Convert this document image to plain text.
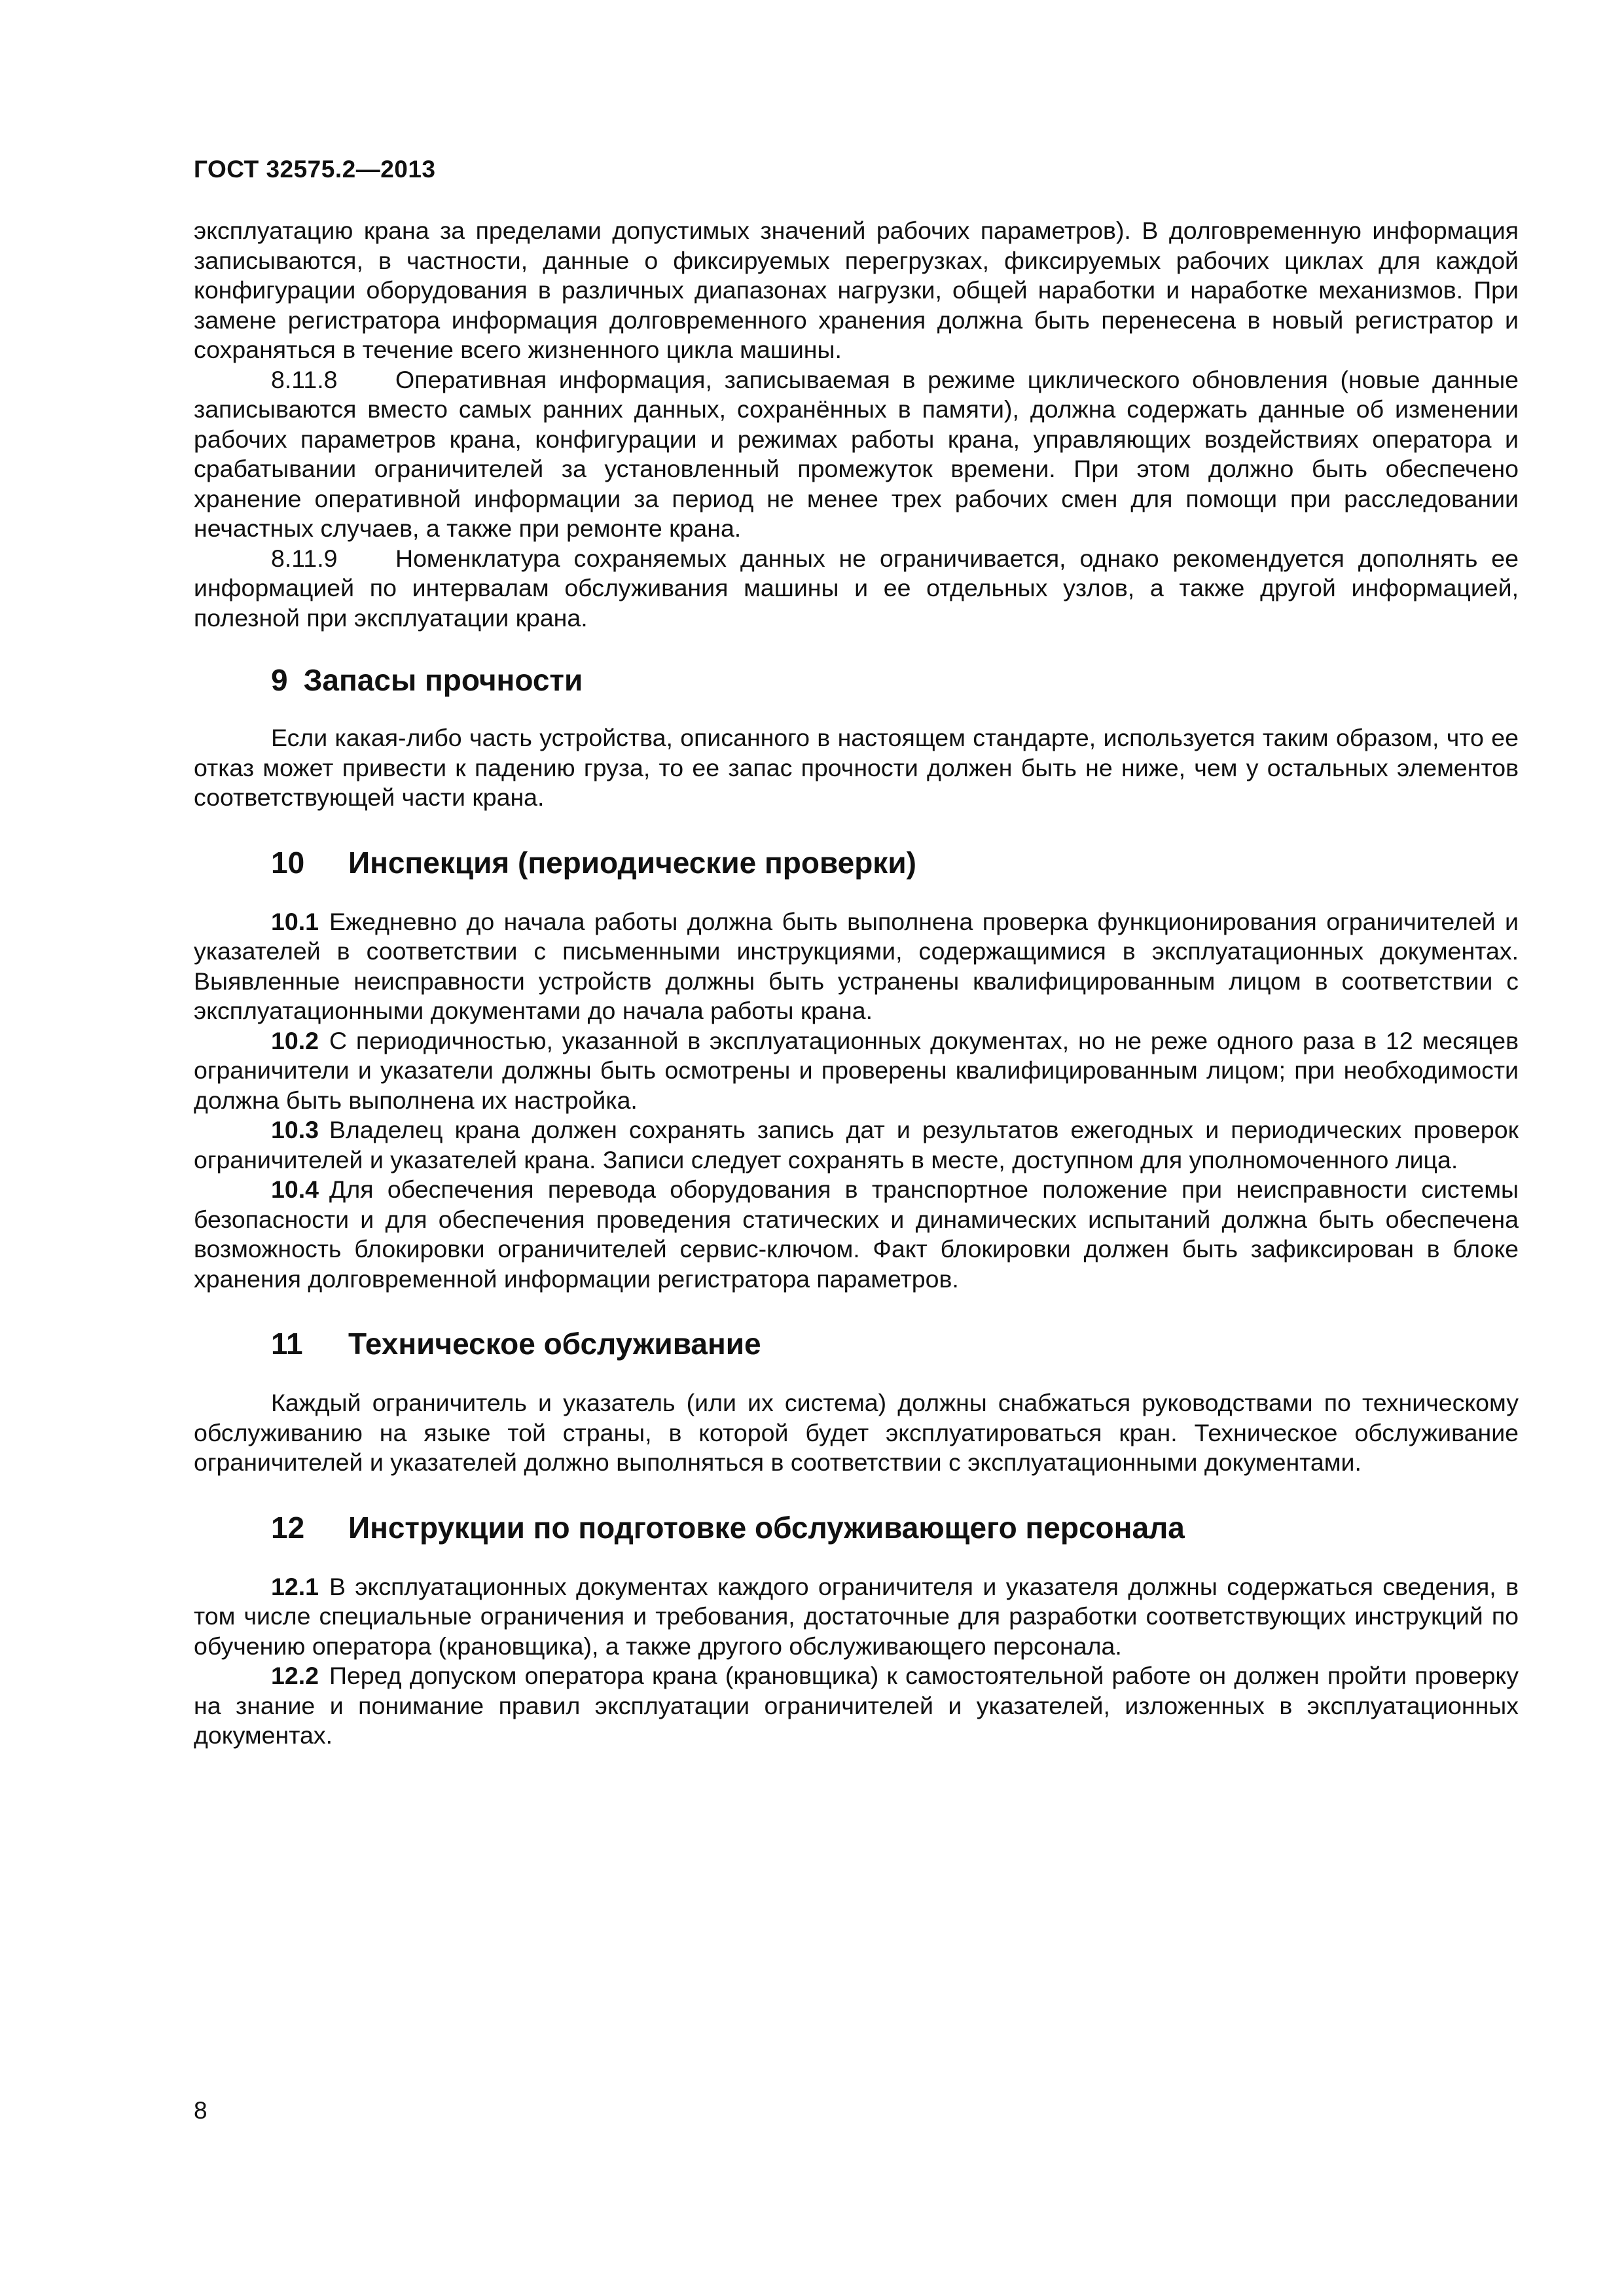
ГОСТ 32575.2—2013

эксплуатацию крана за пределами допустимых значений рабочих параметров). В долговременную информация записываются, в частности, данные о фиксируемых перегрузках, фиксируемых рабочих циклах для каждой конфигурации оборудования в различных диапазонах нагрузки, общей наработки и наработке механизмов. При замене регистратора информация долговременного хранения должна быть перенесена в новый регистратор и сохраняться в течение всего жизненного цикла машины.

8.11.8 Оперативная информация, записываемая в режиме циклического обновления (новые данные записываются вместо самых ранних данных, сохранённых в памяти), должна содержать данные об изменении рабочих параметров крана, конфигурации и режимах работы крана, управляющих воздействиях оператора и срабатывании ограничителей за установленный промежуток времени. При этом должно быть обеспечено хранение оперативной информации за период не менее трех рабочих смен для помощи при расследовании нечастных случаев, а также при ремонте крана.

8.11.9 Номенклатура сохраняемых данных не ограничивается, однако рекомендуется дополнять ее информацией по интервалам обслуживания машины и ее отдельных узлов, а также другой информацией, полезной при эксплуатации крана.

9 Запасы прочности

Если какая-либо часть устройства, описанного в настоящем стандарте, используется таким образом, что ее отказ может привести к падению груза, то ее запас прочности должен быть не ниже, чем у остальных элементов соответствующей части крана.

10 Инспекция (периодические проверки)

10.1 Ежедневно до начала работы должна быть выполнена проверка функционирования ограничителей и указателей в соответствии с письменными инструкциями, содержащимися в эксплуатационных документах. Выявленные неисправности устройств должны быть устранены квалифицированным лицом в соответствии с эксплуатационными документами до начала работы крана.

10.2 С периодичностью, указанной в эксплуатационных документах, но не реже одного раза в 12 месяцев ограничители и указатели должны быть осмотрены и проверены квалифицированным лицом; при необходимости должна быть выполнена их настройка.

10.3 Владелец крана должен сохранять запись дат и результатов ежегодных и периодических проверок ограничителей и указателей крана. Записи следует сохранять в месте, доступном для уполномоченного лица.

10.4 Для обеспечения перевода оборудования в транспортное положение при неисправности системы безопасности и для обеспечения проведения статических и динамических испытаний должна быть обеспечена возможность блокировки ограничителей сервис-ключом. Факт блокировки должен быть зафиксирован в блоке хранения долговременной информации регистратора параметров.

11 Техническое обслуживание

Каждый ограничитель и указатель (или их система) должны снабжаться руководствами по техническому обслуживанию на языке той страны, в которой будет эксплуатироваться кран. Техническое обслуживание ограничителей и указателей должно выполняться в соответствии с эксплуатационными документами.

12 Инструкции по подготовке обслуживающего персонала

12.1 В эксплуатационных документах каждого ограничителя и указателя должны содержаться сведения, в том числе специальные ограничения и требования, достаточные для разработки соответствующих инструкций по обучению оператора (крановщика), а также другого обслуживающего персонала.

12.2 Перед допуском оператора крана (крановщика) к самостоятельной работе он должен пройти проверку на знание и понимание правил эксплуатации ограничителей и указателей, изложенных в эксплуатационных документах.

8
